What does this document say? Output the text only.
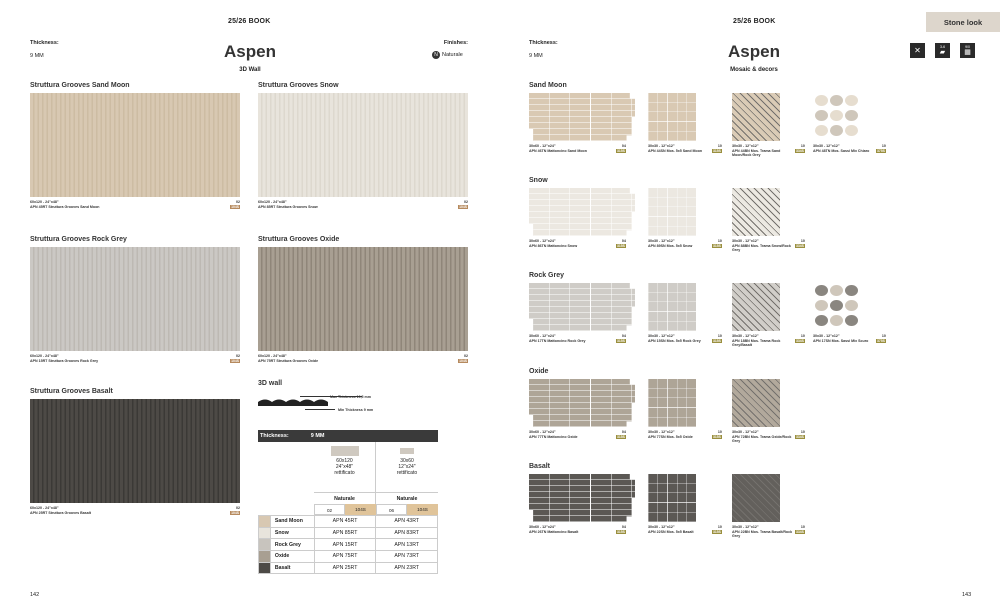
25/26 BOOK
Thickness:
9 MM	Aspen
3D Wall
Finishes:
N Naturale
Struttura Grooves Sand Moon
60x120 - 24"x48"
APN 45RT Struttura Grooves Sand Moon
02
104S
Struttura Grooves Snow
60x120 - 24"x48"
APN 85RT Struttura Grooves Snow
02
104S
Struttura Grooves Rock Grey
60x120 - 24"x48"
APN 15RT Struttura Grooves Rock Grey
02
104S
Struttura Grooves Oxide
60x120 - 24"x48"
APN 75RT Struttura Grooves Oxide
02
104S
Struttura Grooves Basalt
60x120 - 24"x48"
APN 25RT Struttura Grooves Basalt
02
104S
3D wall
Max Thickness 10,5 mm
Min Thickness 9 mm
Thickness:	9 MM
60x120
24"x48"
rettificato
30x60
12"x24"
rettificato
Naturale	Naturale
02	104S	06	104S
	Sand Moon	APN 45RT	APN 43RT
	Snow	APN 85RT	APN 83RT
	Rock Grey	APN 15RT	APN 13RT
	Oxide	APN 75RT	APN 73RT
	Basalt	APN 25RT	APN 23RT
142
25/26 BOOK	Stone look
Thickness:
9 MM	Aspen
Mosaic & decors
✕	3-6
▰
9/0
▦
Sand Moon
30x60 - 12"x24"
APN 46TN Mattoncino Sand Moon
04
315S
30x30 - 12"x12"
APN 44SN Mos. 5x5 Sand Moon
10
315S
30x30 - 12"x12"
APN 44BN Mos. Trama Sand Moon/Rock Grey
10
334S
30x30 - 12"x12"
APN 48TN Mos. Sassi Mix Chiaro
10
375S
Snow
30x60 - 12"x24"
APN 86TN Mattoncino Snow
04
315S
30x30 - 12"x12"
APN 89SN Mos. 5x5 Snow
10
315S
30x30 - 12"x12"
APN 88BN Mos. Trama Snow/Rock Grey
10
334S
Rock Grey
30x60 - 12"x24"
APN 17TN Mattoncino Rock Grey
04
315S
30x30 - 12"x12"
APN 15SN Mos. 5x5 Rock Grey
10
315S
30x30 - 12"x12"
APN 18BN Mos. Trama Rock Grey/Basalt
10
334S
30x30 - 12"x12"
APN 17SN Mos. Sassi Mix Scuro
10
375S
Oxide
30x60 - 12"x24"
APN 77TN Mattoncino Oxide
04
315S
30x30 - 12"x12"
APN 77SN Mos. 5x5 Oxide
10
315S
30x30 - 12"x12"
APN 72BN Mos. Trama Oxide/Rock Grey
10
334S
Basalt
30x60 - 12"x24"
APN 26TN Mattoncino Basalt
04
315S
30x30 - 12"x12"
APN 22SN Mos. 5x5 Basalt
10
315S
30x30 - 12"x12"
APN 22BN Mos. Trama Basalt/Rock Grey
10
334S
143
